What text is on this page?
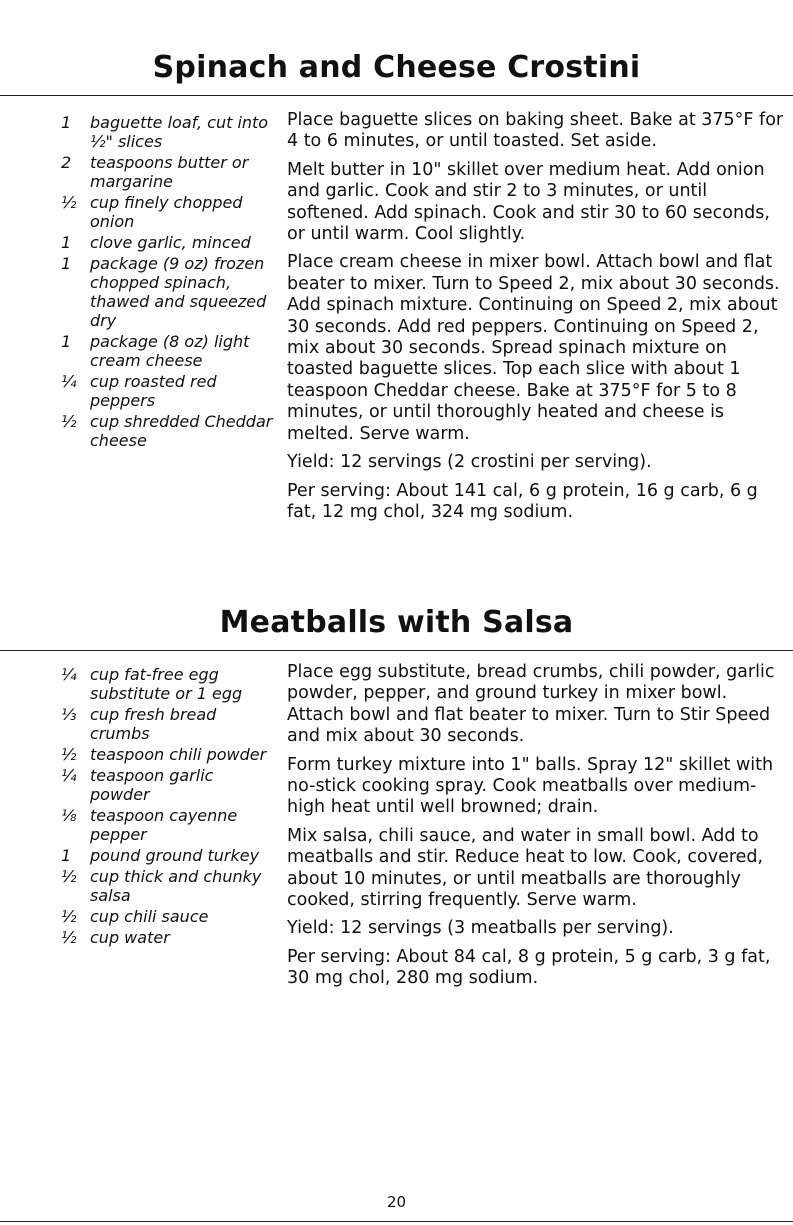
Spinach and Cheese Crostini
1	baguette loaf, cut into ½" slices
2	teaspoons butter or margarine
½ cup finely chopped onion
1	clove garlic, minced
1	package (9 oz) frozen chopped spinach, thawed and squeezed dry
1	package (8 oz) light cream cheese
¼ cup roasted red peppers
½ cup shredded Cheddar cheese

Place baguette slices on baking sheet. Bake at 375°F for 4 to 6 minutes, or until toasted. Set aside.

Melt butter in 10" skillet over medium heat. Add onion and garlic. Cook and stir 2 to 3 minutes, or until softened. Add spinach. Cook and stir 30 to 60 seconds, or until warm. Cool slightly.

Place cream cheese in mixer bowl. Attach bowl and flat beater to mixer. Turn to Speed 2, mix about 30 seconds. Add spinach mixture. Continuing on Speed 2, mix about 30 seconds. Add red peppers. Continuing on Speed 2, mix about 30 seconds. Spread spinach mixture on toasted baguette slices. Top each slice with about 1 teaspoon Cheddar cheese. Bake at 375°F for 5 to 8 minutes, or until thoroughly heated and cheese is melted. Serve warm.

Yield: 12 servings (2 crostini per serving).

Per serving: About 141 cal, 6 g protein, 16 g carb, 6 g fat, 12 mg chol, 324 mg sodium.

Meatballs with Salsa
¼ cup fat-free egg substitute or 1 egg
⅓ cup fresh bread crumbs
½ teaspoon chili powder
¼ teaspoon garlic powder
⅛ teaspoon cayenne pepper
1	pound ground turkey
½ cup thick and chunky salsa
½ cup chili sauce
½ cup water

Place egg substitute, bread crumbs, chili powder, garlic powder, pepper, and ground turkey in mixer bowl. Attach bowl and flat beater to mixer. Turn to Stir Speed and mix about 30 seconds.

Form turkey mixture into 1" balls. Spray 12" skillet with no-stick cooking spray. Cook meatballs over medium-high heat until well browned; drain.

Mix salsa, chili sauce, and water in small bowl. Add to meatballs and stir. Reduce heat to low. Cook, covered, about 10 minutes, or until meatballs are thoroughly cooked, stirring frequently. Serve warm.

Yield: 12 servings (3 meatballs per serving).

Per serving: About 84 cal, 8 g protein, 5 g carb, 3 g fat, 30 mg chol, 280 mg sodium.

20
